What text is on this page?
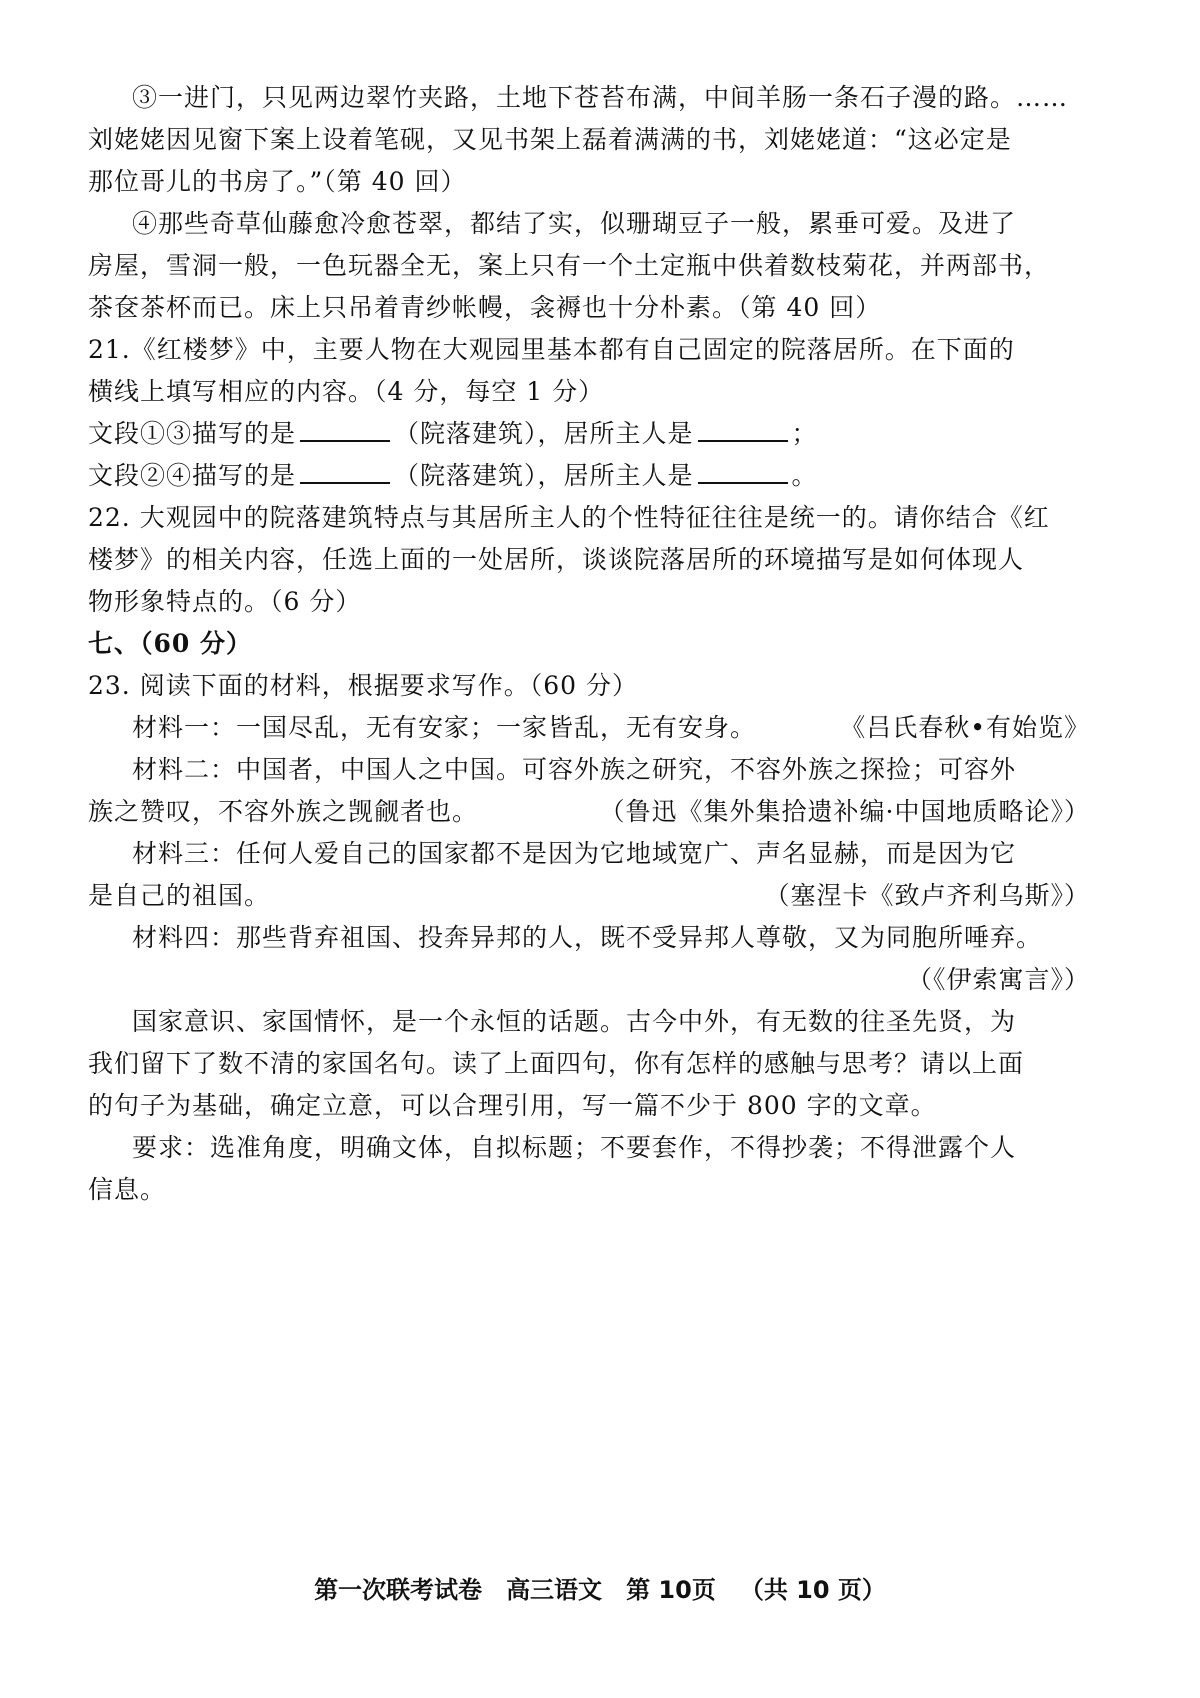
③一进门，只见两边翠竹夹路，土地下苍苔布满，中间羊肠一条石子漫的路。……
刘姥姥因见窗下案上设着笔砚，又见书架上磊着满满的书，刘姥姥道：“这必定是
那位哥儿的书房了。”（第 40 回）
④那些奇草仙藤愈冷愈苍翠，都结了实，似珊瑚豆子一般，累垂可爱。及进了
房屋，雪洞一般，一色玩器全无，案上只有一个土定瓶中供着数枝菊花，并两部书，
茶奁茶杯而已。床上只吊着青纱帐幔，衾褥也十分朴素。（第 40 回）
21.《红楼梦》中，主要人物在大观园里基本都有自己固定的院落居所。在下面的
横线上填写相应的内容。（4 分，每空 1 分）
文段①③描写的是	（院落建筑），居所主人是	；
文段②④描写的是	（院落建筑），居所主人是	。
22. 大观园中的院落建筑特点与其居所主人的个性特征往往是统一的。请你结合《红
楼梦》的相关内容，任选上面的一处居所，谈谈院落居所的环境描写是如何体现人
物形象特点的。（6 分）
七、（60 分）
23. 阅读下面的材料，根据要求写作。（60 分）
材料一：一国尽乱，无有安家；一家皆乱，无有安身。	《吕氏春秋•有始览》
材料二：中国者，中国人之中国。可容外族之研究，不容外族之探捡；可容外
族之赞叹，不容外族之觊觎者也。	（鲁迅《集外集拾遗补编·中国地质略论》）
材料三：任何人爱自己的国家都不是因为它地域宽广、声名显赫，而是因为它
是自己的祖国。	（塞涅卡《致卢齐利乌斯》）
材料四：那些背弃祖国、投奔异邦的人，既不受异邦人尊敬，又为同胞所唾弃。
（《伊索寓言》）
国家意识、家国情怀，是一个永恒的话题。古今中外，有无数的往圣先贤，为
我们留下了数不清的家国名句。读了上面四句，你有怎样的感触与思考？请以上面
的句子为基础，确定立意，可以合理引用，写一篇不少于 800 字的文章。
要求：选准角度，明确文体，自拟标题；不要套作，不得抄袭；不得泄露个人
信息。
第一次联考试卷 高三语文 第 10页 （共 10 页）
